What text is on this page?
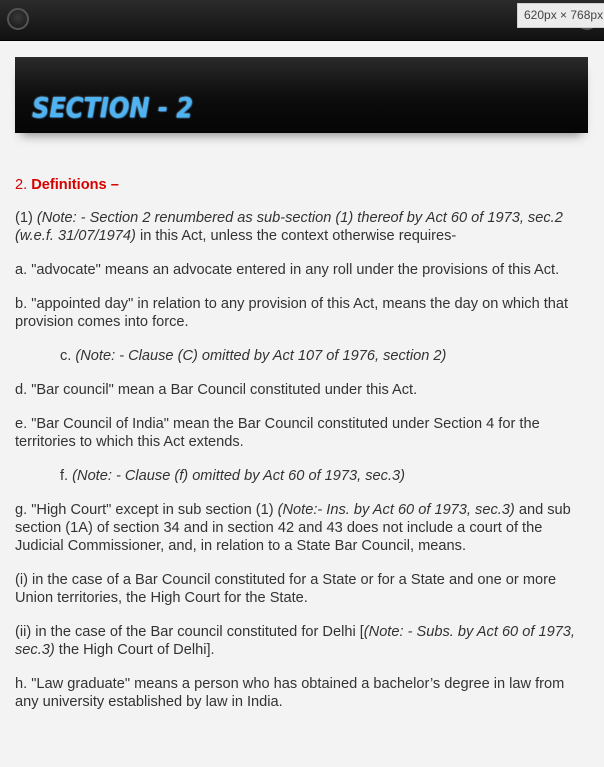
620px × 768px
SECTION - 2

2. Definitions –

(1) (Note: - Section 2 renumbered as sub-section (1) thereof by Act 60 of 1973, sec.2 (w.e.f. 31/07/1974) in this Act, unless the context otherwise requires-

a. "advocate" means an advocate entered in any roll under the provisions of this Act.

b. "appointed day" in relation to any provision of this Act, means the day on which that provision comes into force.

c. (Note: - Clause (C) omitted by Act 107 of 1976, section 2)

d. "Bar council" mean a Bar Council constituted under this Act.

e. "Bar Council of India" mean the Bar Council constituted under Section 4 for the territories to which this Act extends.

f. (Note: - Clause (f) omitted by Act 60 of 1973, sec.3)

g. "High Court" except in sub section (1) (Note:- Ins. by Act 60 of 1973, sec.3) and sub section (1A) of section 34 and in section 42 and 43 does not include a court of the Judicial Commissioner, and, in relation to a State Bar Council, means.

(i) in the case of a Bar Council constituted for a State or for a State and one or more Union territories, the High Court for the State.

(ii) in the case of the Bar council constituted for Delhi [(Note: - Subs. by Act 60 of 1973, sec.3) the High Court of Delhi].

h. "Law graduate" means a person who has obtained a bachelor’s degree in law from any university established by law in India.
